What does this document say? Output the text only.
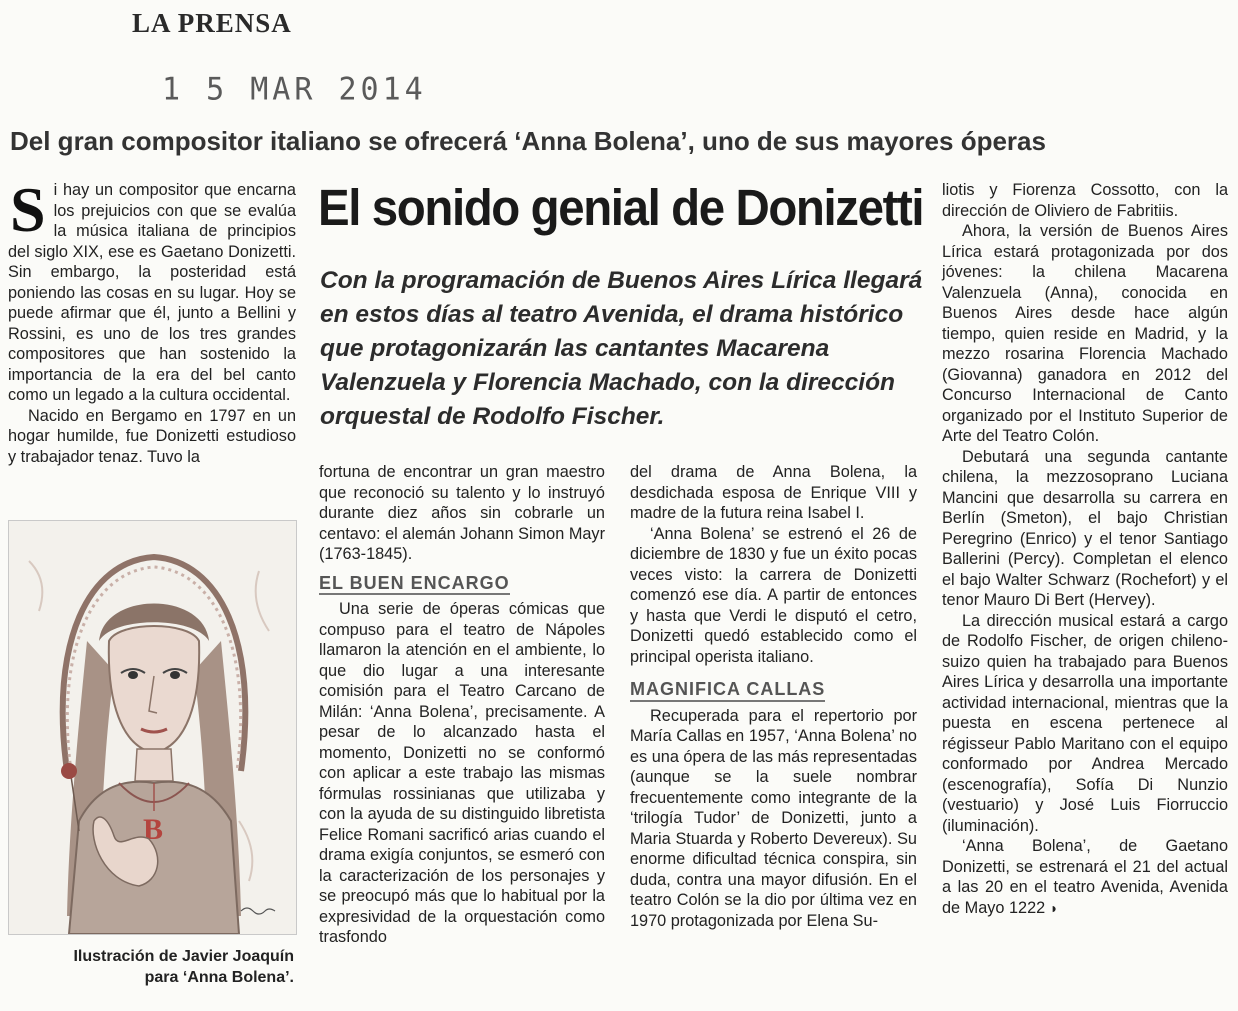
LA PRENSA
1 5 MAR 2014
Del gran compositor italiano se ofrecerá ‘Anna Bolena’, uno de sus mayores óperas
El sonido genial de Donizetti
Con la programación de Buenos Aires Lírica llegará en estos días al teatro Avenida, el drama histórico que protagonizarán las cantantes Macarena Valenzuela y Florencia Machado, con la dirección orquestal de Rodolfo Fischer.

Si hay un compositor que encarna los prejuicios con que se evalúa la música italiana de principios del siglo XIX, ese es Gaetano Donizetti. Sin embargo, la posteridad está poniendo las cosas en su lugar. Hoy se puede afirmar que él, junto a Bellini y Rossini, es uno de los tres grandes compositores que han sostenido la importancia de la era del bel canto como un legado a la cultura occidental.

Nacido en Bergamo en 1797 en un hogar humilde, fue Donizetti estudioso y trabajador tenaz. Tuvo la

B
Ilustración de Javier Joaquín
para ‘Anna Bolena’.

fortuna de encontrar un gran maestro que reconoció su talento y lo instruyó durante diez años sin cobrarle un centavo: el alemán Johann Simon Mayr (1763-1845).

EL BUEN ENCARGO

Una serie de óperas cómicas que compuso para el teatro de Nápoles llamaron la atención en el ambiente, lo que dio lugar a una interesante comisión para el Teatro Carcano de Milán: ‘Anna Bolena’, precisamente. A pesar de lo alcanzado hasta el momento, Donizetti no se conformó con aplicar a este trabajo las mismas fórmulas rossinianas que utilizaba y con la ayuda de su distinguido libretista Felice Romani sacrificó arias cuando el drama exigía conjuntos, se esmeró con la caracterización de los personajes y se preocupó más que lo habitual por la expresividad de la orquestación como trasfondo

del drama de Anna Bolena, la desdichada esposa de Enrique VIII y madre de la futura reina Isabel I.

‘Anna Bolena’ se estrenó el 26 de diciembre de 1830 y fue un éxito pocas veces visto: la carrera de Donizetti comenzó ese día. A partir de entonces y hasta que Verdi le disputó el cetro, Donizetti quedó establecido como el principal operista italiano.

MAGNIFICA CALLAS

Recuperada para el repertorio por María Callas en 1957, ‘Anna Bolena’ no es una ópera de las más representadas (aunque se la suele nombrar frecuentemente como integrante de la ‘trilogía Tudor’ de Donizetti, junto a Maria Stuarda y Roberto Devereux). Su enorme dificultad técnica conspira, sin duda, contra una mayor difusión. En el teatro Colón se la dio por última vez en 1970 protagonizada por Elena Su-

liotis y Fiorenza Cossotto, con la dirección de Oliviero de Fabritiis.

Ahora, la versión de Buenos Aires Lírica estará protagonizada por dos jóvenes: la chilena Macarena Valenzuela (Anna), conocida en Buenos Aires desde hace algún tiempo, quien reside en Madrid, y la mezzo rosarina Florencia Machado (Giovanna) ganadora en 2012 del Concurso Internacional de Canto organizado por el Instituto Superior de Arte del Teatro Colón.

Debutará una segunda cantante chilena, la mezzosoprano Luciana Mancini que desarrolla su carrera en Berlín (Smeton), el bajo Christian Peregrino (Enrico) y el tenor Santiago Ballerini (Percy). Completan el elenco el bajo Walter Schwarz (Rochefort) y el tenor Mauro Di Bert (Hervey).

La dirección musical estará a cargo de Rodolfo Fischer, de origen chileno-suizo quien ha trabajado para Buenos Aires Lírica y desarrolla una importante actividad internacional, mientras que la puesta en escena pertenece al régisseur Pablo Maritano con el equipo conformado por Andrea Mercado (escenografía), Sofía Di Nunzio (vestuario) y José Luis Fiorruccio (iluminación).

‘Anna Bolena’, de Gaetano Donizetti, se estrenará el 21 del actual a las 20 en el teatro Avenida, Avenida de Mayo 1222 ◗
